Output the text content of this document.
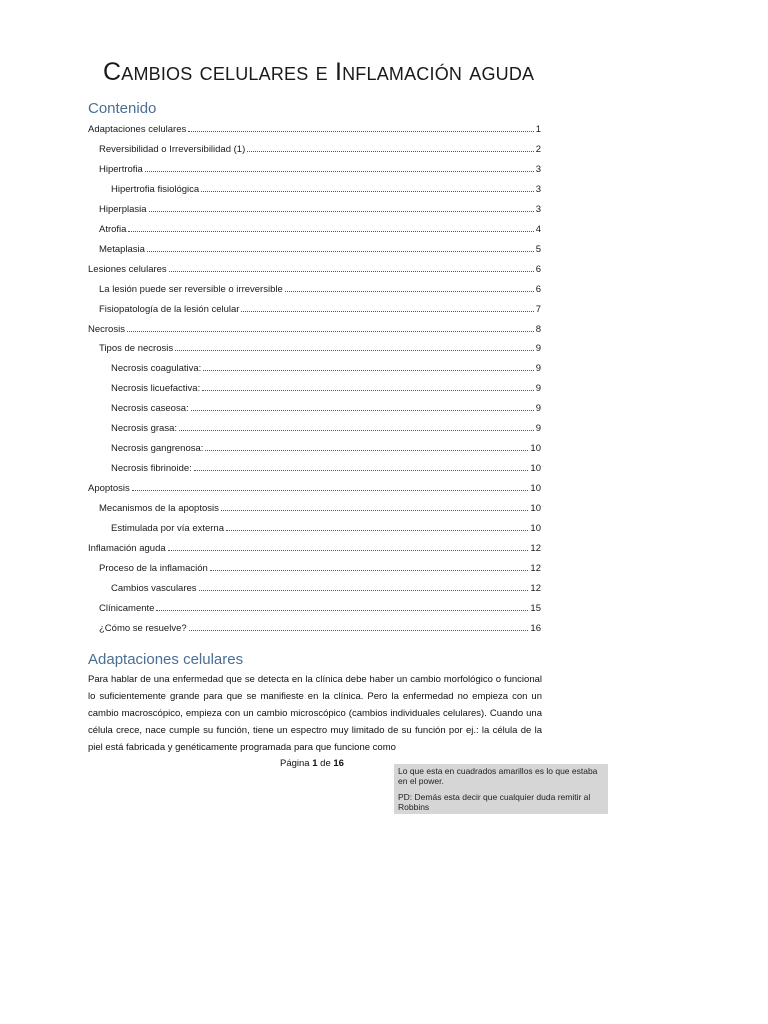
Cambios celulares e Inflamación aguda
Contenido
Adaptaciones celulares	1
Reversibilidad o Irreversibilidad (1)	2
Hipertrofia	3
Hipertrofia fisiológica	3
Hiperplasia	3
Atrofia	4
Metaplasia	5
Lesiones celulares	6
La lesión puede ser reversible o irreversible	6
Fisiopatología de la lesión celular	7
Necrosis	8
Tipos de necrosis	9
Necrosis coagulativa:	9
Necrosis licuefactiva:	9
Necrosis caseosa:	9
Necrosis grasa:	9
Necrosis gangrenosa:	10
Necrosis fibrinoide:	10
Apoptosis	10
Mecanismos de la apoptosis	10
Estimulada por vía externa	10
Inflamación aguda	12
Proceso de la inflamación	12
Cambios vasculares	12
Clínicamente	15
¿Cómo se resuelve?	16
Adaptaciones celulares
Para hablar de una enfermedad que se detecta en la clínica debe haber un cambio morfológico o funcional lo suficientemente grande para que se manifieste en la clínica. Pero la enfermedad no empieza con un cambio macroscópico, empieza con un cambio microscópico (cambios individuales celulares). Cuando una célula crece, nace cumple su función, tiene un espectro muy limitado de su función por ej.: la célula de la piel está fabricada y genéticamente programada para que funcione como
Página 1 de 16

Lo que esta en cuadrados amarillos es lo que estaba en el power.

PD: Demás esta decir que cualquier duda remitir al Robbins
